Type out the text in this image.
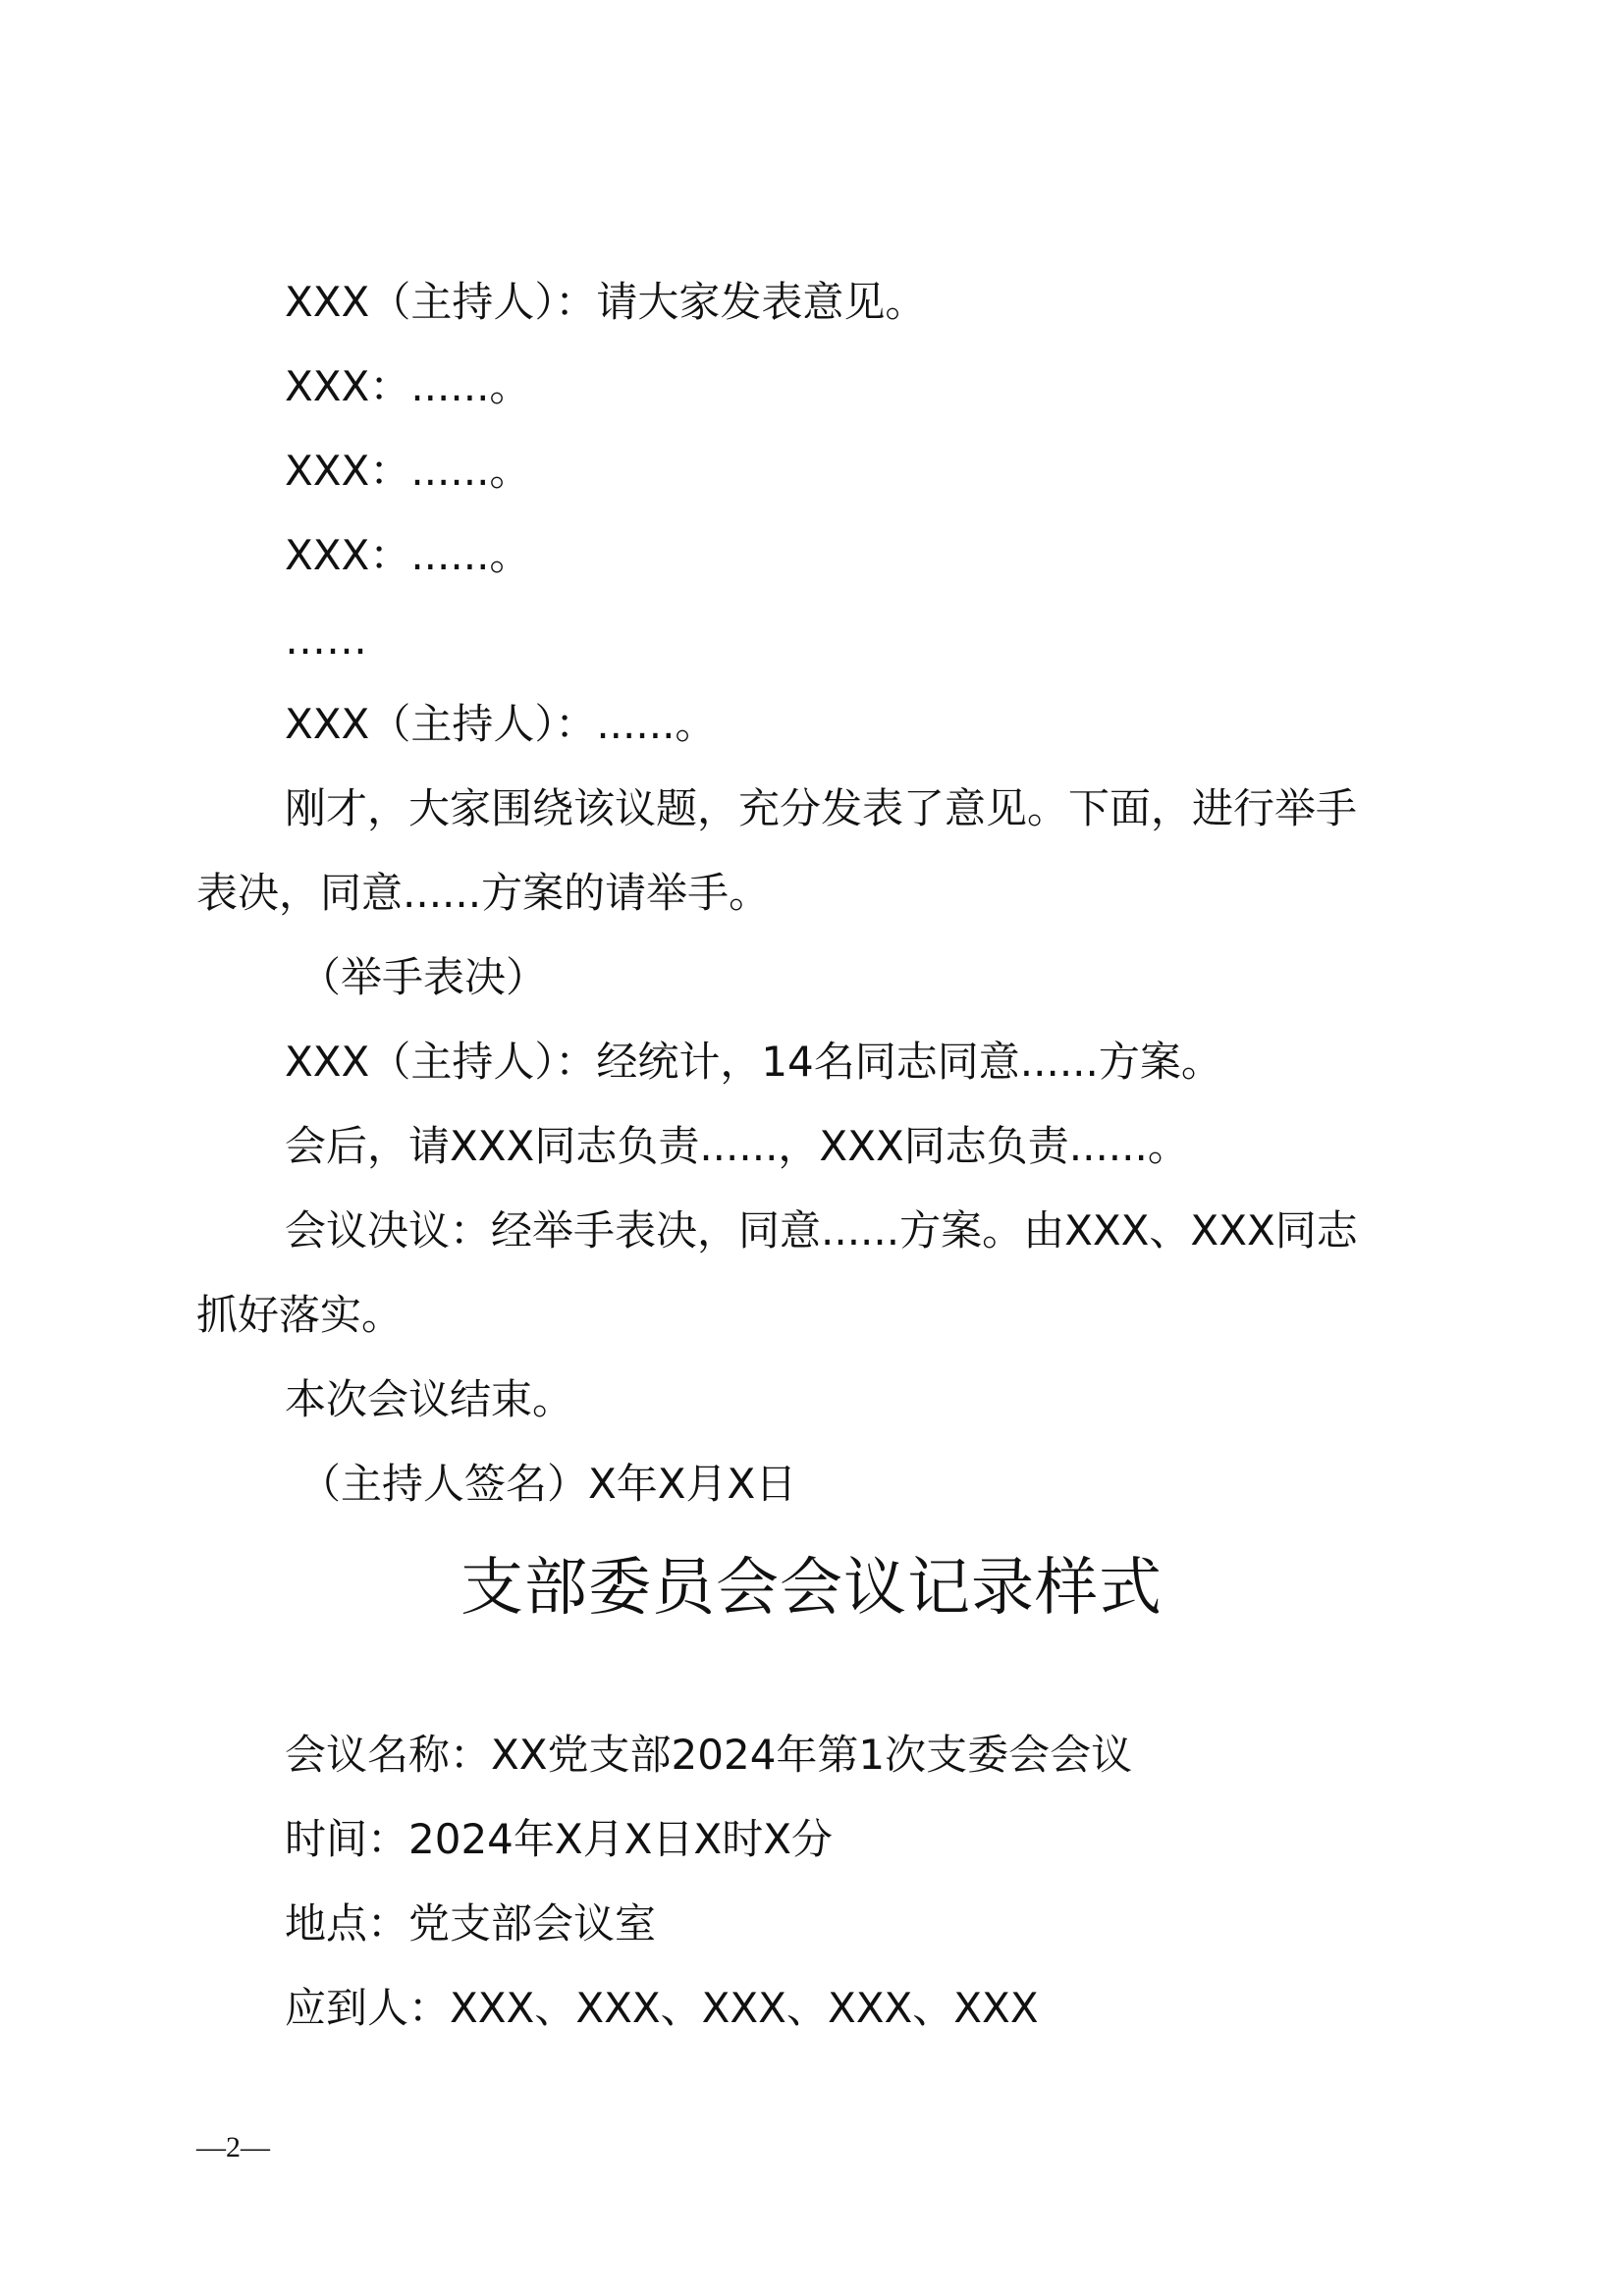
XXX（主持人）：请大家发表意见。
XXX：......。
XXX：......。
XXX：......。
……
XXX（主持人）：......。
刚才，大家围绕该议题，充分发表了意见。下面，进行举手
表决，同意......方案的请举手。
（举手表决）
XXX（主持人）：经统计，14名同志同意......方案。
会后，请XXX同志负责......，XXX同志负责......。
会议决议：经举手表决，同意......方案。由XXX、XXX同志
抓好落实。
本次会议结束。
（主持人签名）X年X月X日
支部委员会会议记录样式
会议名称：XX党支部2024年第1次支委会会议
时间：2024年X月X日X时X分
地点：党支部会议室
应到人：XXX、XXX、XXX、XXX、XXX
—2—
